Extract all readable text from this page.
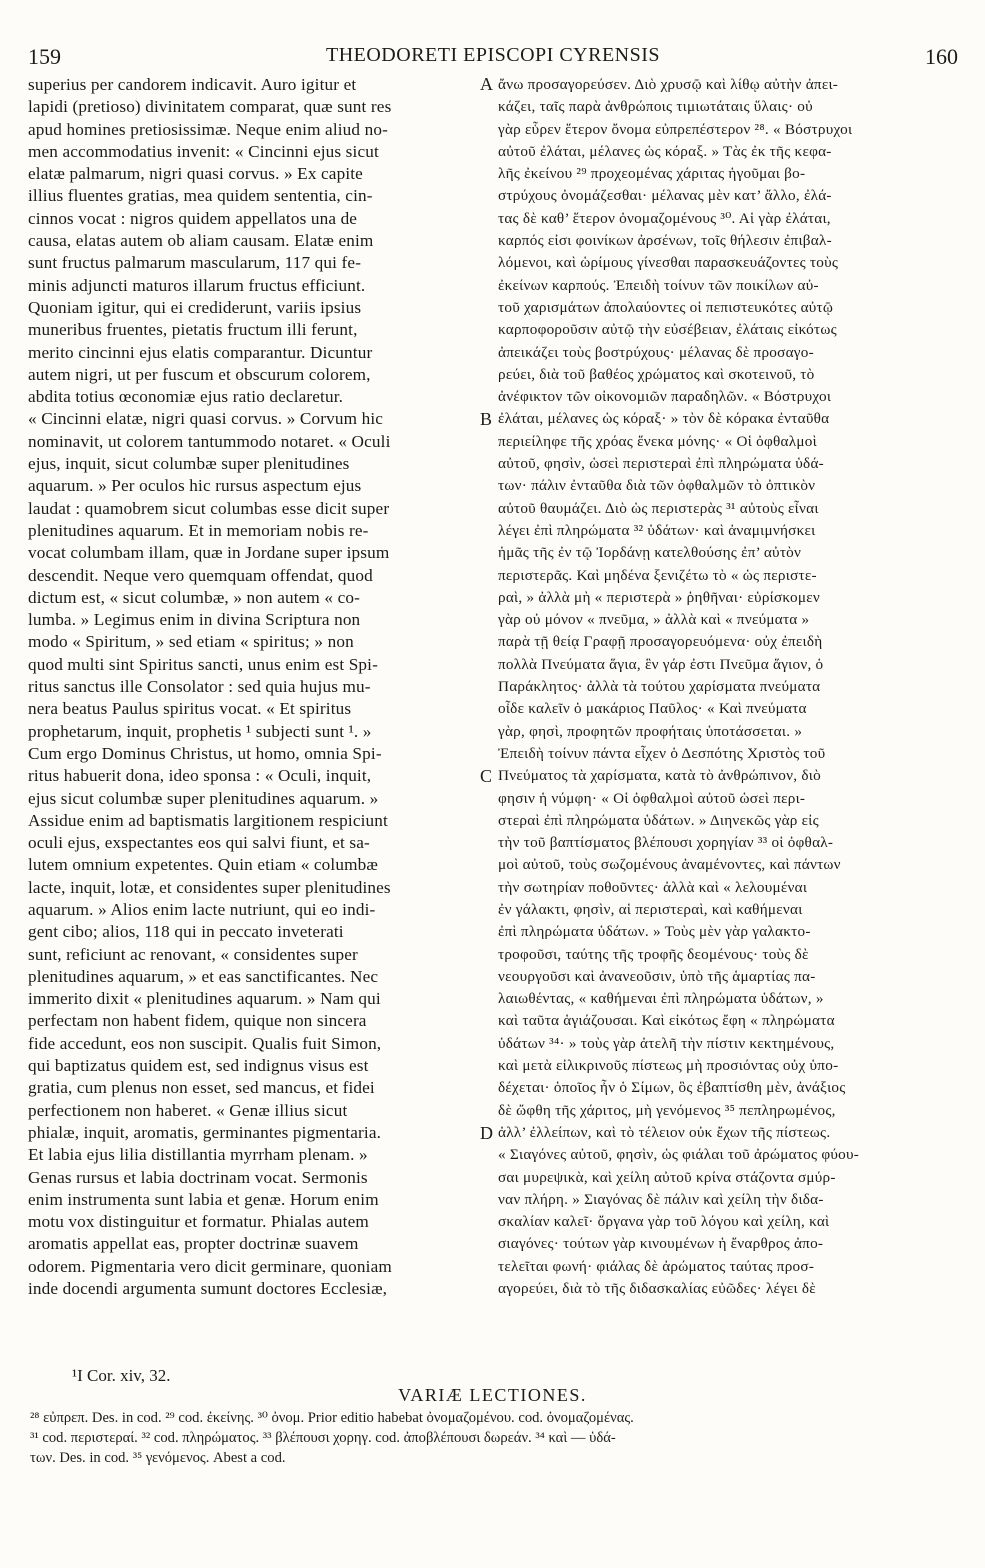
159	THEODORETI EPISCOPI CYRENSIS	160
superius per candorem indicavit. Auro igitur et
lapidi (pretioso) divinitatem comparat, quæ sunt res
apud homines pretiosissimæ. Neque enim aliud no-
men accommodatius invenit: « Cincinni ejus sicut
elatæ palmarum, nigri quasi corvus. » Ex capite
illius fluentes gratias, mea quidem sententia, cin-
cinnos vocat : nigros quidem appellatos una de
causa, elatas autem ob aliam causam. Elatæ enim
sunt fructus palmarum mascularum, 117 qui fe-
minis adjuncti maturos illarum fructus efficiunt.
Quoniam igitur, qui ei crediderunt, variis ipsius
muneribus fruentes, pietatis fructum illi ferunt,
merito cincinni ejus elatis comparantur. Dicuntur
autem nigri, ut per fuscum et obscurum colorem,
abdita totius œconomiæ ejus ratio declaretur.
« Cincinni elatæ, nigri quasi corvus. » Corvum hic
nominavit, ut colorem tantummodo notaret. « Oculi
ejus, inquit, sicut columbæ super plenitudines
aquarum. » Per oculos hic rursus aspectum ejus
laudat : quamobrem sicut columbas esse dicit super
plenitudines aquarum. Et in memoriam nobis re-
vocat columbam illam, quæ in Jordane super ipsum
descendit. Neque vero quemquam offendat, quod
dictum est, « sicut columbæ, » non autem « co-
lumba. » Legimus enim in divina Scriptura non
modo « Spiritum, » sed etiam « spiritus; » non
quod multi sint Spiritus sancti, unus enim est Spi-
ritus sanctus ille Consolator : sed quia hujus mu-
nera beatus Paulus spiritus vocat. « Et spiritus
prophetarum, inquit, prophetis ¹ subjecti sunt ¹. »
Cum ergo Dominus Christus, ut homo, omnia Spi-
ritus habuerit dona, ideo sponsa : « Oculi, inquit,
ejus sicut columbæ super plenitudines aquarum. »
Assidue enim ad baptismatis largitionem respiciunt
oculi ejus, exspectantes eos qui salvi fiunt, et sa-
lutem omnium expetentes. Quin etiam « columbæ
lacte, inquit, lotæ, et considentes super plenitudines
aquarum. » Alios enim lacte nutriunt, qui eo indi-
gent cibo; alios, 118 qui in peccato inveterati
sunt, reficiunt ac renovant, « considentes super
plenitudines aquarum, » et eas sanctificantes. Nec
immerito dixit « plenitudines aquarum. » Nam qui
perfectam non habent fidem, quique non sincera
fide accedunt, eos non suscipit. Qualis fuit Simon,
qui baptizatus quidem est, sed indignus visus est
gratia, cum plenus non esset, sed mancus, et fidei
perfectionem non haberet. « Genæ illius sicut
phialæ, inquit, aromatis, germinantes pigmentaria.
Et labia ejus lilia distillantia myrrham plenam. »
Genas rursus et labia doctrinam vocat. Sermonis
enim instrumenta sunt labia et genæ. Horum enim
motu vox distinguitur et formatur. Phialas autem
aromatis appellat eas, propter doctrinæ suavem
odorem. Pigmentaria vero dicit germinare, quoniam
inde docendi argumenta sumunt doctores Ecclesiæ,
A
B
C
D
ἄνω προσαγορεύσεν. Διὸ χρυσῷ καὶ λίθῳ αὐτὴν ἀπει-
κάζει, ταῖς παρὰ ἀνθρώποις τιμιωτάταις ὕλαις· οὐ
γὰρ εὗρεν ἕτερον ὄνομα εὐπρεπέστερον ²⁸. « Βόστρυχοι
αὐτοῦ ἐλάται, μέλανες ὡς κόραξ. » Τὰς ἐκ τῆς κεφα-
λῆς ἐκείνου ²⁹ προχεομένας χάριτας ἡγοῦμαι βο-
στρύχους ὀνομάζεσθαι· μέλανας μὲν κατ’ ἄλλο, ἐλά-
τας δὲ καθ’ ἕτερον ὀνομαζομένους ³⁰. Αἱ γὰρ ἐλάται,
καρπός εἰσι φοινίκων ἀρσένων, τοῖς θήλεσιν ἐπιβαλ-
λόμενοι, καὶ ὡρίμους γίνεσθαι παρασκευάζοντες τοὺς
ἐκείνων καρπούς. Ἐπειδὴ τοίνυν τῶν ποικίλων αὐ-
τοῦ χαρισμάτων ἀπολαύοντες οἱ πεπιστευκότες αὐτῷ
καρποφοροῦσιν αὐτῷ τὴν εὐσέβειαν, ἐλάταις εἰκότως
ἀπεικάζει τοὺς βοστρύχους· μέλανας δὲ προσαγο-
ρεύει, διὰ τοῦ βαθέος χρώματος καὶ σκοτεινοῦ, τὸ
ἀνέφικτον τῶν οἰκονομιῶν παραδηλῶν. « Βόστρυχοι
ἐλάται, μέλανες ὡς κόραξ· » τὸν δὲ κόρακα ἐνταῦθα
περιείληφε τῆς χρόας ἕνεκα μόνης· « Οἱ ὀφθαλμοὶ
αὐτοῦ, φησὶν, ὡσεὶ περιστεραὶ ἐπὶ πληρώματα ὑδά-
των· πάλιν ἐνταῦθα διὰ τῶν ὀφθαλμῶν τὸ ὀπτικὸν
αὐτοῦ θαυμάζει. Διὸ ὡς περιστερὰς ³¹ αὐτοὺς εἶναι
λέγει ἐπὶ πληρώματα ³² ὑδάτων· καὶ ἀναμιμνήσκει
ἡμᾶς τῆς ἐν τῷ Ἰορδάνῃ κατελθούσης ἐπ’ αὐτὸν
περιστερᾶς. Καὶ μηδένα ξενιζέτω τὸ « ὡς περιστε-
ραὶ, » ἀλλὰ μὴ « περιστερὰ » ῥηθῆναι· εὑρίσκομεν
γὰρ οὐ μόνον « πνεῦμα, » ἀλλὰ καὶ « πνεύματα »
παρὰ τῇ θείᾳ Γραφῇ προσαγορευόμενα· οὐχ ἐπειδὴ
πολλὰ Πνεύματα ἅγια, ἓν γάρ ἐστι Πνεῦμα ἅγιον, ὁ
Παράκλητος· ἀλλὰ τὰ τούτου χαρίσματα πνεύματα
οἶδε καλεῖν ὁ μακάριος Παῦλος· « Καὶ πνεύματα
γὰρ, φησὶ, προφητῶν προφήταις ὑποτάσσεται. »
Ἐπειδὴ τοίνυν πάντα εἶχεν ὁ Δεσπότης Χριστὸς τοῦ
Πνεύματος τὰ χαρίσματα, κατὰ τὸ ἀνθρώπινον, διὸ
φησιν ἡ νύμφη· « Οἱ ὀφθαλμοὶ αὐτοῦ ὡσεὶ περι-
στεραὶ ἐπὶ πληρώματα ὑδάτων. » Διηνεκῶς γὰρ εἰς
τὴν τοῦ βαπτίσματος βλέπουσι χορηγίαν ³³ οἱ ὀφθαλ-
μοὶ αὐτοῦ, τοὺς σωζομένους ἀναμένοντες, καὶ πάντων
τὴν σωτηρίαν ποθοῦντες· ἀλλὰ καὶ « λελουμέναι
ἐν γάλακτι, φησὶν, αἱ περιστεραὶ, καὶ καθήμεναι
ἐπὶ πληρώματα ὑδάτων. » Τοὺς μὲν γὰρ γαλακτο-
τροφοῦσι, ταύτης τῆς τροφῆς δεομένους· τοὺς δὲ
νεουργοῦσι καὶ ἀνανεοῦσιν, ὑπὸ τῆς ἁμαρτίας πα-
λαιωθέντας, « καθήμεναι ἐπὶ πληρώματα ὑδάτων, »
καὶ ταῦτα ἁγιάζουσαι. Καὶ εἰκότως ἔφη « πληρώματα
ὑδάτων ³⁴· » τοὺς γὰρ ἀτελῆ τὴν πίστιν κεκτημένους,
καὶ μετὰ εἰλικρινοῦς πίστεως μὴ προσιόντας οὐχ ὑπο-
δέχεται· ὁποῖος ἦν ὁ Σίμων, ὃς ἐβαπτίσθη μὲν, ἀνάξιος
δὲ ὤφθη τῆς χάριτος, μὴ γενόμενος ³⁵ πεπληρωμένος,
ἀλλ’ ἐλλείπων, καὶ τὸ τέλειον οὐκ ἔχων τῆς πίστεως.
« Σιαγόνες αὐτοῦ, φησὶν, ὡς φιάλαι τοῦ ἀρώματος φύου-
σαι μυρεψικὰ, καὶ χείλη αὐτοῦ κρίνα στάζοντα σμύρ-
ναν πλήρη. » Σιαγόνας δὲ πάλιν καὶ χείλη τὴν διδα-
σκαλίαν καλεῖ· ὄργανα γὰρ τοῦ λόγου καὶ χείλη, καὶ
σιαγόνες· τούτων γὰρ κινουμένων ἡ ἔναρθρος ἀπο-
τελεῖται φωνή· φιάλας δὲ ἀρώματος ταύτας προσ-
αγορεύει, διὰ τὸ τῆς διδασκαλίας εὐῶδες· λέγει δὲ
¹I Cor. xiv, 32.
VARIÆ LECTIONES.
²⁸ εὐπρεπ. Des. in cod. ²⁹ cod. ἐκείνης. ³⁰ ὀνομ. Prior editio habebat ὀνομαζομένου. cod. ὀνομαζομένας.
³¹ cod. περιστεραί. ³² cod. πληρώματος. ³³ βλέπουσι χορηγ. cod. ἀποβλέπουσι δωρεάν. ³⁴ καὶ — ὑδά-
των. Des. in cod. ³⁵ γενόμενος. Abest a cod.
